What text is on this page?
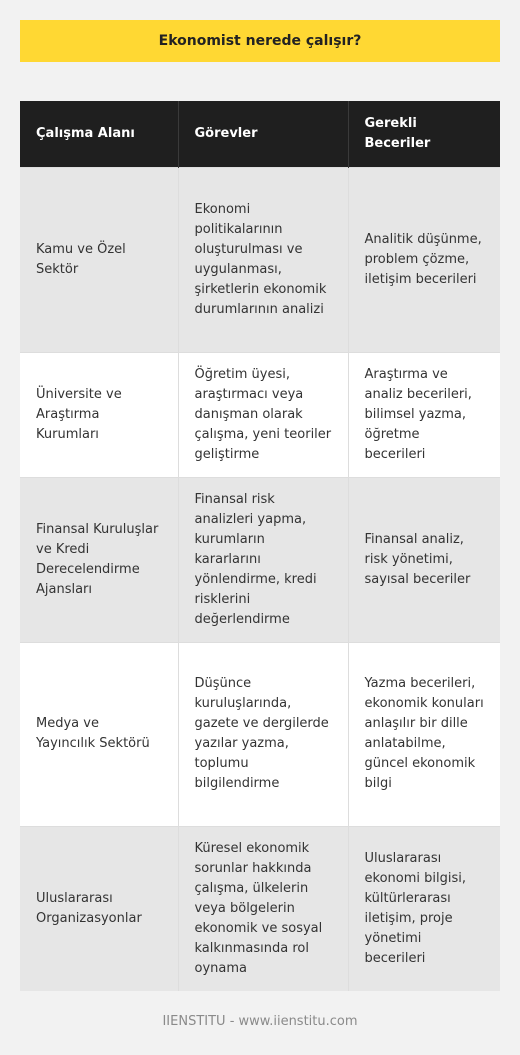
Ekonomist nerede çalışır?
Çalışma Alanı	Görevler	Gerekli Beceriler
Kamu ve Özel Sektör	Ekonomi politikalarının oluşturulması ve uygulanması, şirketlerin ekonomik durumlarının analizi	Analitik düşünme, problem çözme, iletişim becerileri
Üniversite ve Araştırma Kurumları	Öğretim üyesi, araştırmacı veya danışman olarak çalışma, yeni teoriler geliştirme	Araştırma ve analiz becerileri, bilimsel yazma, öğretme becerileri
Finansal Kuruluşlar ve Kredi Derecelendirme Ajansları	Finansal risk analizleri yapma, kurumların kararlarını yönlendirme, kredi risklerini değerlendirme	Finansal analiz, risk yönetimi, sayısal beceriler
Medya ve Yayıncılık Sektörü	Düşünce kuruluşlarında, gazete ve dergilerde yazılar yazma, toplumu bilgilendirme	Yazma becerileri, ekonomik konuları anlaşılır bir dille anlatabilme, güncel ekonomik bilgi
Uluslararası Organizasyonlar	Küresel ekonomik sorunlar hakkında çalışma, ülkelerin veya bölgelerin ekonomik ve sosyal kalkınmasında rol oynama	Uluslararası ekonomi bilgisi, kültürlerarası iletişim, proje yönetimi becerileri
IIENSTITU - www.iienstitu.com
